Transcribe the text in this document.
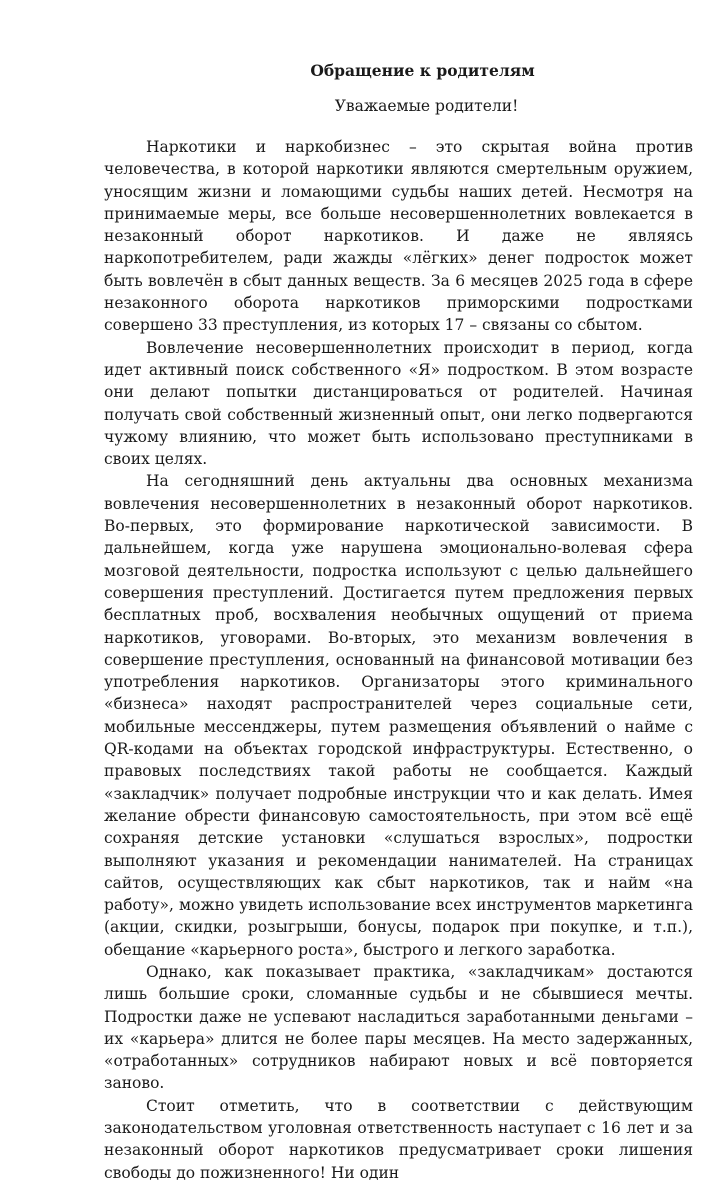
Обращение к родителям
Уважаемые родители!

Наркотики и наркобизнес – это скрытая война против человечества, в которой наркотики являются смертельным оружием, уносящим жизни и ломающими судьбы наших детей. Несмотря на принимаемые меры, все больше несовершеннолетних вовлекается в незаконный оборот наркотиков. И даже не являясь наркопотребителем, ради жажды «лёгких» денег подросток может быть вовлечён в сбыт данных веществ. За 6 месяцев 2025 года в сфере незаконного оборота наркотиков приморскими подростками совершено 33 преступления, из которых 17 – связаны со сбытом.

Вовлечение несовершеннолетних происходит в период, когда идет активный поиск собственного «Я» подростком. В этом возрасте они делают попытки дистанцироваться от родителей. Начиная получать свой собственный жизненный опыт, они легко подвергаются чужому влиянию, что может быть использовано преступниками в своих целях.

На сегодняшний день актуальны два основных механизма вовлечения несовершеннолетних в незаконный оборот наркотиков. Во-первых, это формирование наркотической зависимости. В дальнейшем, когда уже нарушена эмоционально-волевая сфера мозговой деятельности, подростка используют с целью дальнейшего совершения преступлений. Достигается путем предложения первых бесплатных проб, восхваления необычных ощущений от приема наркотиков, уговорами. Во-вторых, это механизм вовлечения в совершение преступления, основанный на финансовой мотивации без употребления наркотиков. Организаторы этого криминального «бизнеса» находят распространителей через социальные сети, мобильные мессенджеры, путем размещения объявлений о найме с QR-кодами на объектах городской инфраструктуры. Естественно, о правовых последствиях такой работы не сообщается. Каждый «закладчик» получает подробные инструкции что и как делать. Имея желание обрести финансовую самостоятельность, при этом всё ещё сохраняя детские установки «слушаться взрослых», подростки выполняют указания и рекомендации нанимателей. На страницах сайтов, осуществляющих как сбыт наркотиков, так и найм «на работу», можно увидеть использование всех инструментов маркетинга (акции, скидки, розыгрыши, бонусы, подарок при покупке, и т.п.), обещание «карьерного роста», быстрого и легкого заработка.

Однако, как показывает практика, «закладчикам» достаются лишь большие сроки, сломанные судьбы и не сбывшиеся мечты. Подростки даже не успевают насладиться заработанными деньгами – их «карьера» длится не более пары месяцев. На место задержанных, «отработанных» сотрудников набирают новых и всё повторяется заново.

Стоит отметить, что в соответствии с действующим законодательством уголовная ответственность наступает с 16 лет и за незаконный оборот наркотиков предусматривает сроки лишения свободы до пожизненного! Ни один
